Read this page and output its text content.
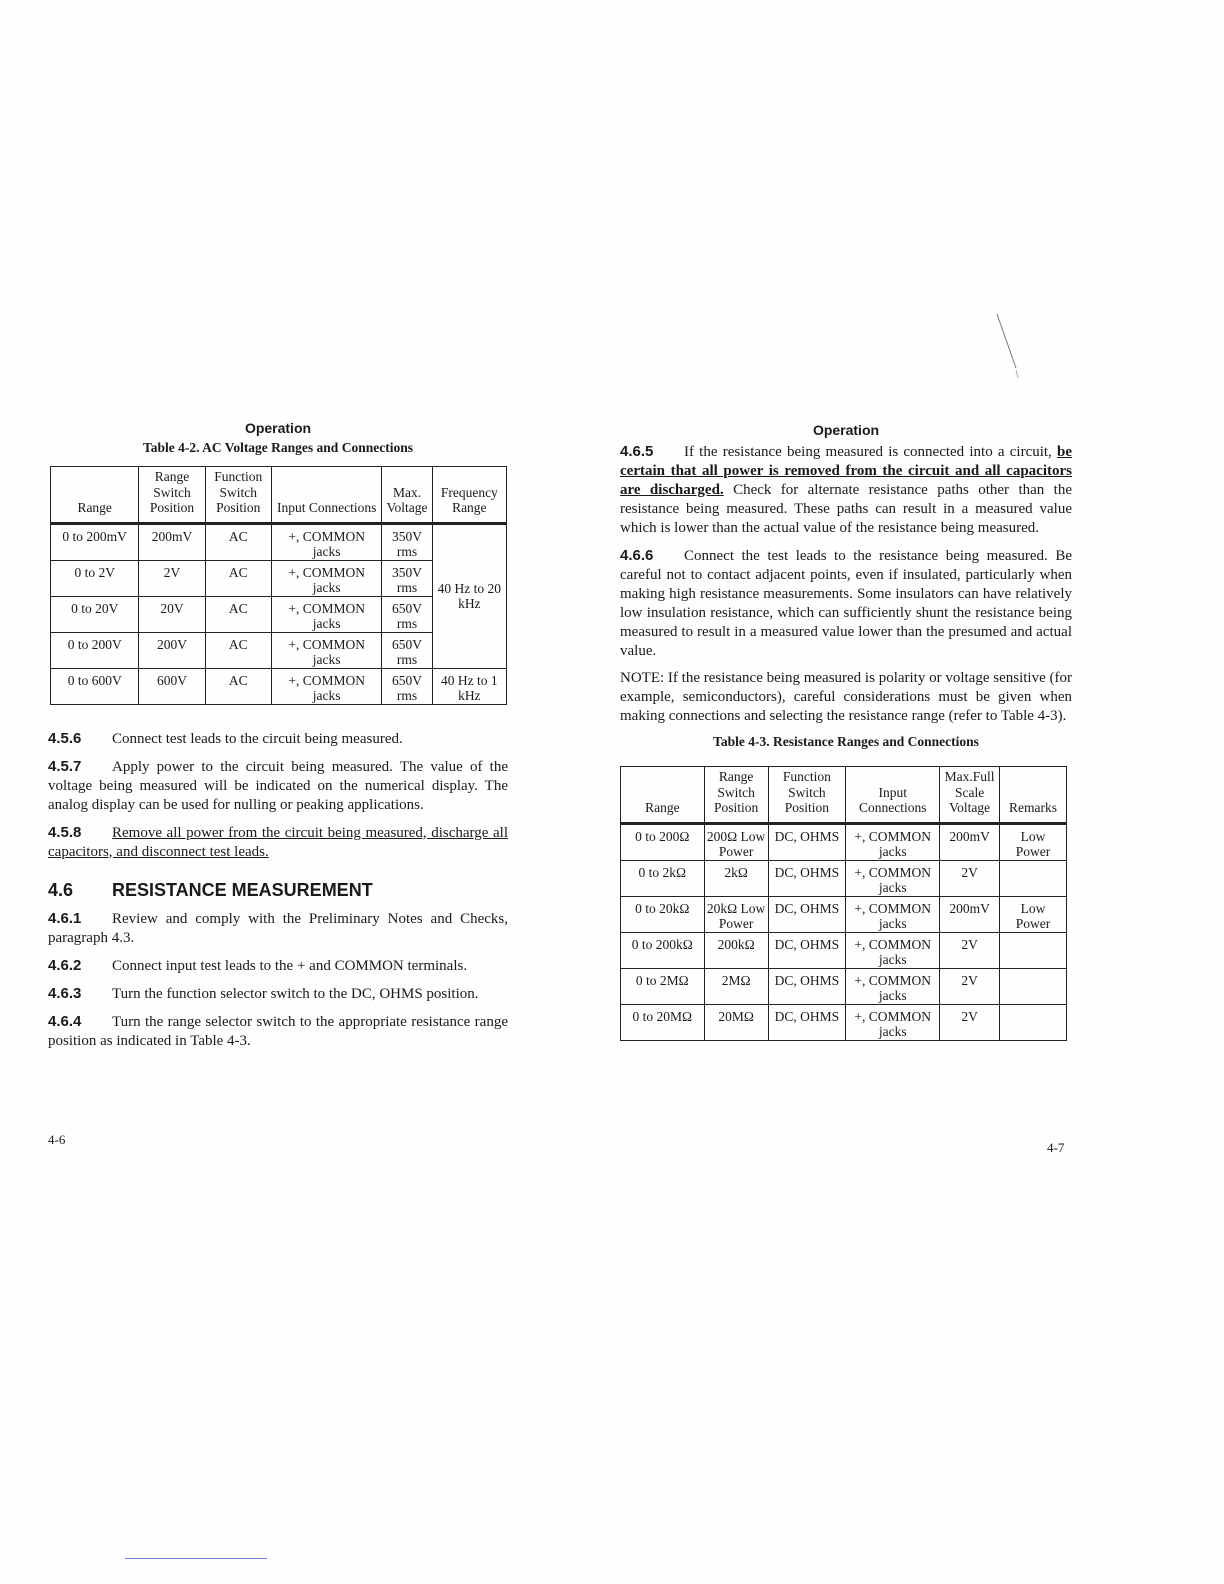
Operation
Table 4-2. AC Voltage Ranges and Connections
Range	Range Switch Position	Function Switch Position	Input Connections	Max. Voltage	Frequency Range
0 to 200mV	200mV	AC	+, COMMON jacks	350V rms	40 Hz to 20 kHz
0 to 2V	2V	AC	+, COMMON jacks	350V rms	
0 to 20V	20V	AC	+, COMMON jacks	650V rms	
0 to 200V	200V	AC	+, COMMON jacks	650V rms	
0 to 600V	600V	AC	+, COMMON jacks	650V rms	40 Hz to 1 kHz

4.5.6 Connect test leads to the circuit being measured.

4.5.7 Apply power to the circuit being measured. The value of the voltage being measured will be indicated on the numerical display. The analog display can be used for nulling or peaking applications.

4.5.8 Remove all power from the circuit being measured, discharge all capacitors, and disconnect test leads.

4.6 RESISTANCE MEASUREMENT

4.6.1 Review and comply with the Preliminary Notes and Checks, paragraph 4.3.

4.6.2 Connect input test leads to the + and COMMON terminals.

4.6.3 Turn the function selector switch to the DC, OHMS position.

4.6.4 Turn the range selector switch to the appropriate resistance range position as indicated in Table 4-3.

4-6
Operation

4.6.5 If the resistance being measured is connected into a circuit, be certain that all power is removed from the circuit and all capacitors are discharged. Check for alternate resistance paths other than the resistance being measured. These paths can result in a measured value which is lower than the actual value of the resistance being measured.

4.6.6 Connect the test leads to the resistance being measured. Be careful not to contact adjacent points, even if insulated, particularly when making high resistance measurements. Some insulators can have relatively low insulation resistance, which can sufficiently shunt the resistance being measured to result in a measured value lower than the presumed and actual value.

NOTE: If the resistance being measured is polarity or voltage sensitive (for example, semiconductors), careful considerations must be given when making connections and selecting the resistance range (refer to Table 4-3).

Table 4-3. Resistance Ranges and Connections
Range	Range Switch Position	Function Switch Position	Input Connections	Max.Full Scale Voltage	Remarks
0 to 200Ω	200Ω Low Power	DC, OHMS	+, COMMON jacks	200mV	Low Power
0 to 2kΩ	2kΩ	DC, OHMS	+, COMMON jacks	2V	
0 to 20kΩ	20kΩ Low Power	DC, OHMS	+, COMMON jacks	200mV	Low Power
0 to 200kΩ	200kΩ	DC, OHMS	+, COMMON jacks	2V	
0 to 2MΩ	2MΩ	DC, OHMS	+, COMMON jacks	2V	
0 to 20MΩ	20MΩ	DC, OHMS	+, COMMON jacks	2V	
4-7
